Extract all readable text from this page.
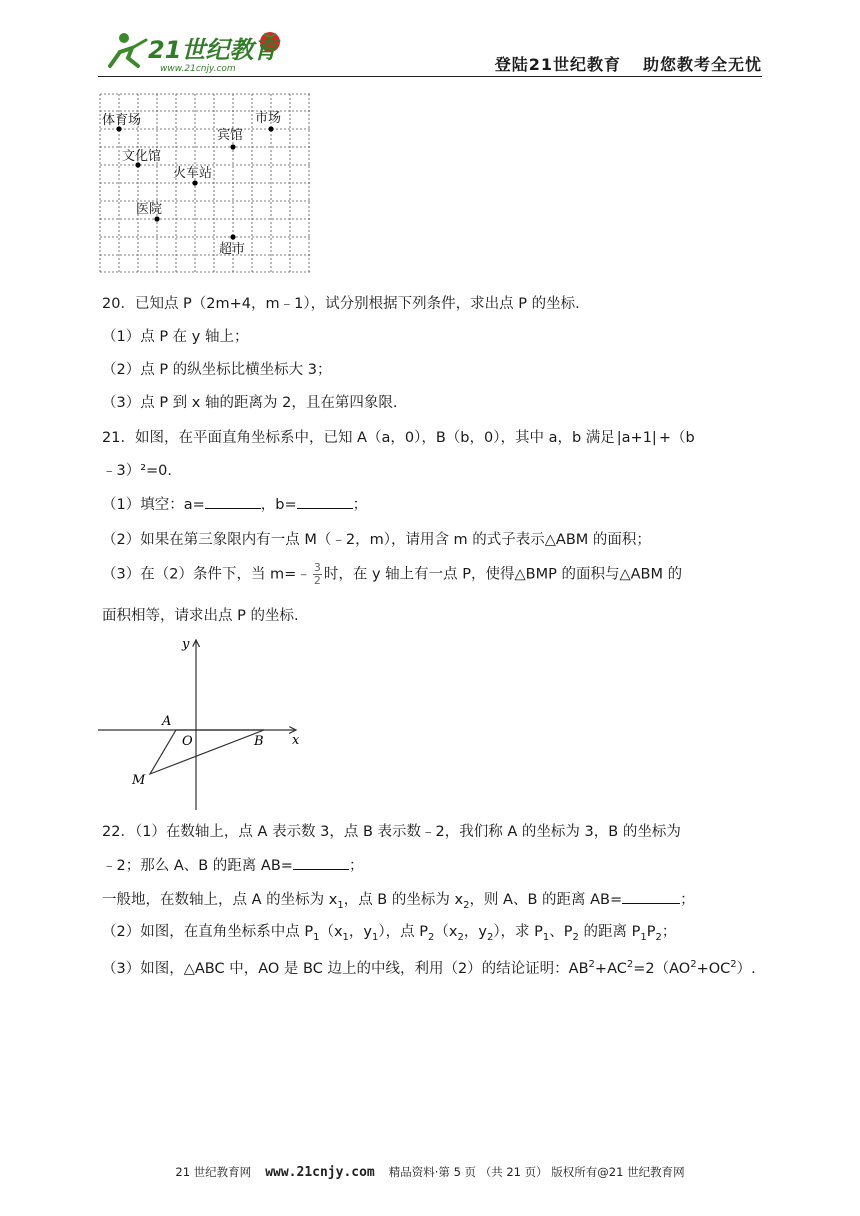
21世纪教育
www.21cnjy.com	登陆21世纪教育 助您教考全无忧
体育场	市场
宾馆
文化馆
火车站
医院
超市
20．已知点 P（2m+4，m﹣1），试分别根据下列条件，求出点 P 的坐标.
（1）点 P 在 y 轴上；
（2）点 P 的纵坐标比横坐标大 3；
（3）点 P 到 x 轴的距离为 2，且在第四象限.
21．如图，在平面直角坐标系中，已知 A（a，0），B（b，0），其中 a，b 满足 |a+1| +（b
﹣3）²=0.
（1）填空：a=	，b=	；
（2）如果在第三象限内有一点 M（﹣2，m），请用含 m 的式子表示△ABM 的面积；
（3）在（2）条件下，当 m=﹣ $\frac{3}{2}$ 时，在 y 轴上有一点 P，使得△BMP 的面积与△ABM 的
面积相等，请求出点 P 的坐标.
y
x
A
O	B
M
22．（1）在数轴上，点 A 表示数 3，点 B 表示数﹣2，我们称 A 的坐标为 3，B 的坐标为
﹣2；那么 A、B 的距离 AB=	；
一般地，在数轴上，点 A 的坐标为 $x_1$，点 B 的坐标为 $x_2$，则 A、B 的距离 AB=	；
（2）如图，在直角坐标系中点 $P_1(x_1$，$y_1$），点 $P_2(x_2$，$y_2$），求 $P_1$、$P_2$ 的距离 $P_1P_2$；
（3）如图，△ABC 中，AO 是 BC 边上的中线，利用（2）的结论证明：$AB^2+AC^2=2(AO^2+OC^2)$.
21 世纪教育网 www.21cnjy.com 精品资料·第 5 页 （共 21 页） 版权所有@21 世纪教育网
